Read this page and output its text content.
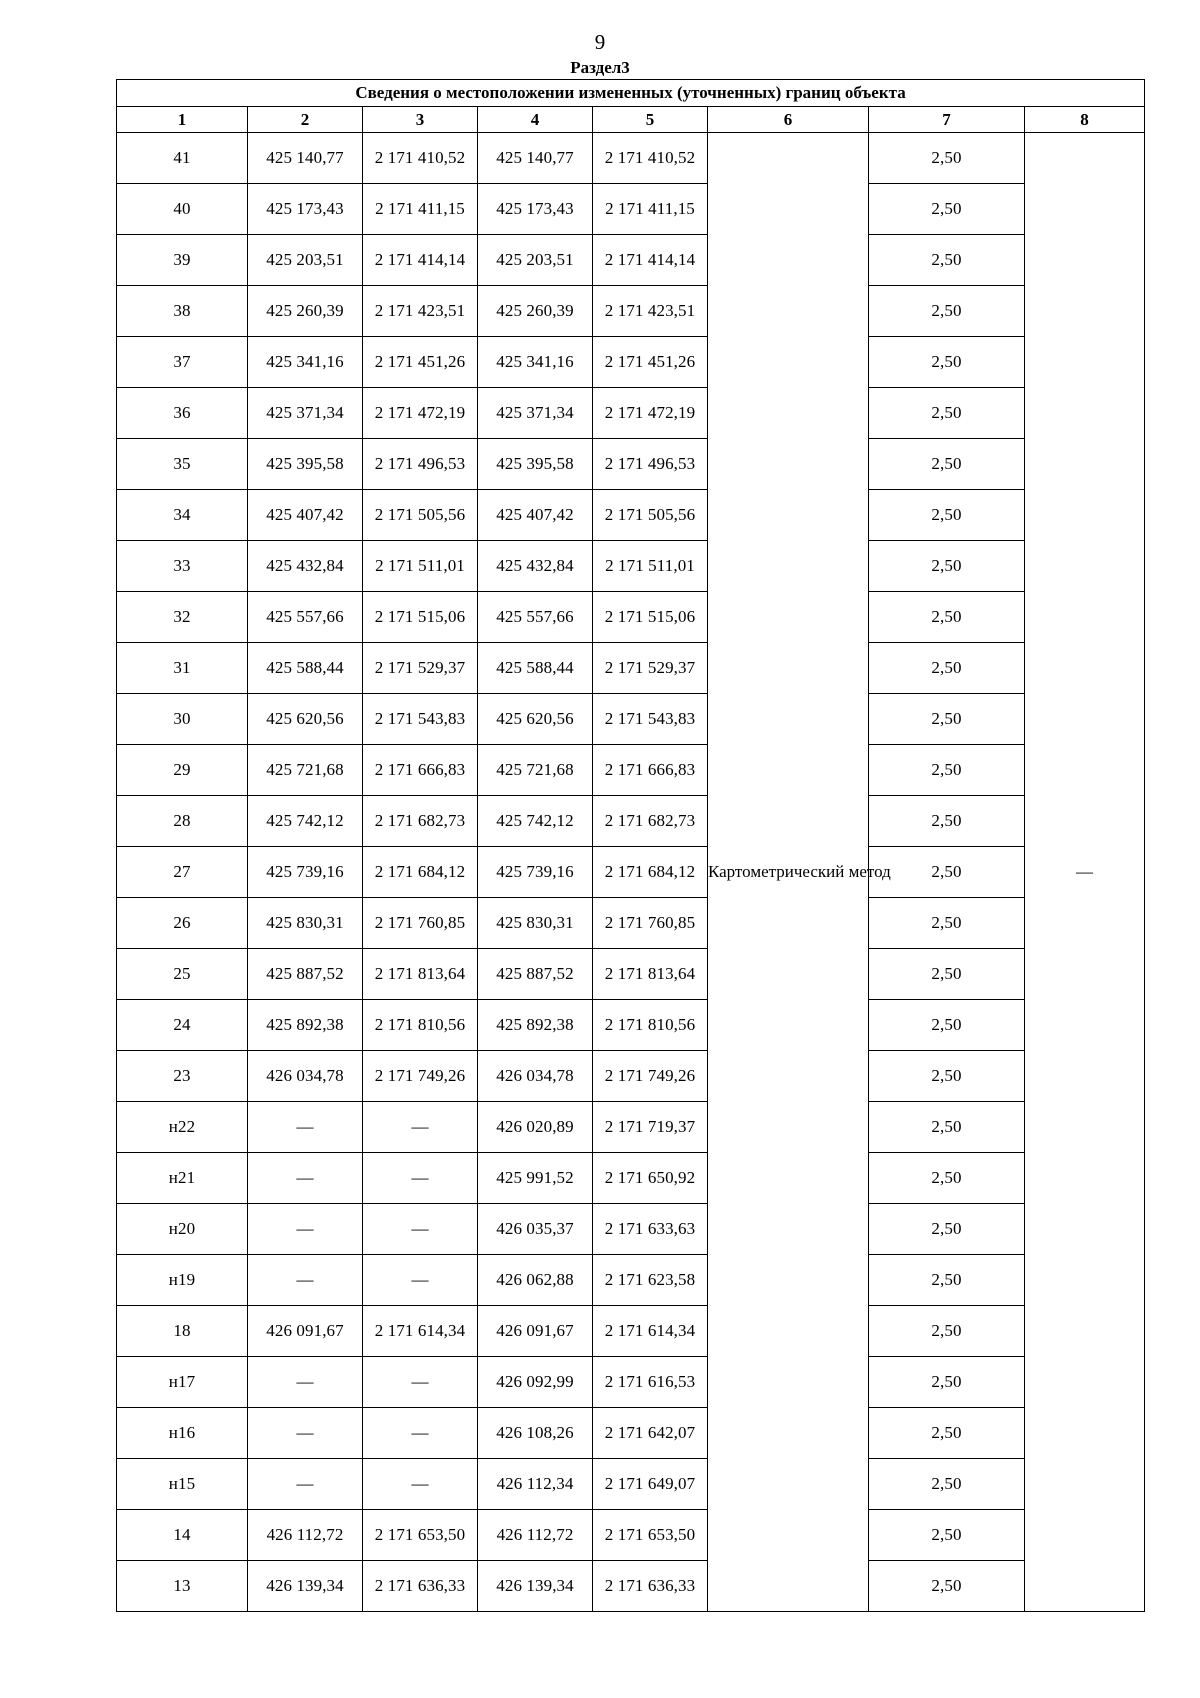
9
Раздел3
Сведения о местоположении измененных (уточненных) границ объекта							
1	2	3	4	5	6	7	8
41	425 140,77	2 171 410,52	425 140,77	2 171 410,52	Картометрический метод	2,50	—
40	425 173,43	2 171 411,15	425 173,43	2 171 411,15		2,50	
39	425 203,51	2 171 414,14	425 203,51	2 171 414,14		2,50	
38	425 260,39	2 171 423,51	425 260,39	2 171 423,51		2,50	
37	425 341,16	2 171 451,26	425 341,16	2 171 451,26		2,50	
36	425 371,34	2 171 472,19	425 371,34	2 171 472,19		2,50	
35	425 395,58	2 171 496,53	425 395,58	2 171 496,53		2,50	
34	425 407,42	2 171 505,56	425 407,42	2 171 505,56		2,50	
33	425 432,84	2 171 511,01	425 432,84	2 171 511,01		2,50	
32	425 557,66	2 171 515,06	425 557,66	2 171 515,06		2,50	
31	425 588,44	2 171 529,37	425 588,44	2 171 529,37		2,50	
30	425 620,56	2 171 543,83	425 620,56	2 171 543,83		2,50	
29	425 721,68	2 171 666,83	425 721,68	2 171 666,83		2,50	
28	425 742,12	2 171 682,73	425 742,12	2 171 682,73		2,50	
27	425 739,16	2 171 684,12	425 739,16	2 171 684,12		2,50	
26	425 830,31	2 171 760,85	425 830,31	2 171 760,85		2,50	
25	425 887,52	2 171 813,64	425 887,52	2 171 813,64		2,50	
24	425 892,38	2 171 810,56	425 892,38	2 171 810,56		2,50	
23	426 034,78	2 171 749,26	426 034,78	2 171 749,26		2,50	
н22	—	—	426 020,89	2 171 719,37		2,50	
н21	—	—	425 991,52	2 171 650,92		2,50	
н20	—	—	426 035,37	2 171 633,63		2,50	
н19	—	—	426 062,88	2 171 623,58		2,50	
18	426 091,67	2 171 614,34	426 091,67	2 171 614,34		2,50	
н17	—	—	426 092,99	2 171 616,53		2,50	
н16	—	—	426 108,26	2 171 642,07		2,50	
н15	—	—	426 112,34	2 171 649,07		2,50	
14	426 112,72	2 171 653,50	426 112,72	2 171 653,50		2,50	
13	426 139,34	2 171 636,33	426 139,34	2 171 636,33		2,50	
